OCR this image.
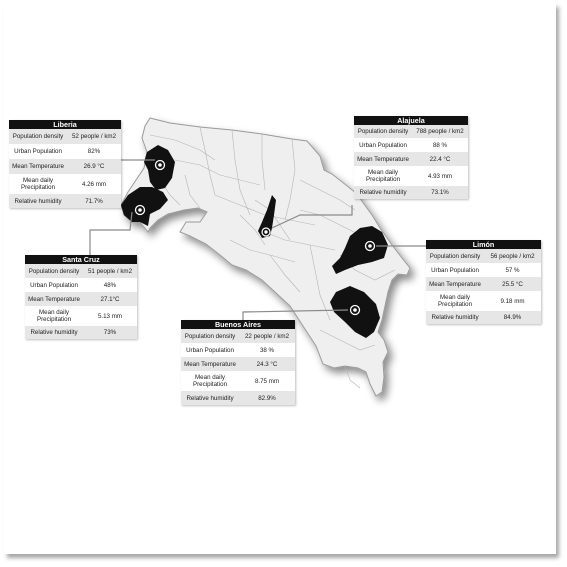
Liberia
Population density	52 people / km2
Urban Population	82%
Mean Temperature	26.9 °C
Mean daily Precipitation	4.26 mm
Relative humidity	71.7%
Alajuela
Population density	788 people / km2
Urban Population	88 %
Mean Temperature	22.4 °C
Mean daily Precipitation	4.93 mm
Relative humidity	73.1%
Santa Cruz
Population density	51 people / km2
Urban Population	48%
Mean Temperature	27.1°C
Mean daily Precipitation	5.13 mm
Relative humidity	73%
Limón
Population density	56 people / km2
Urban Population	57 %
Mean Temperature	25.5 °C
Mean daily Precipitation	9.18 mm
Relative humidity	84.9%
Buenos Aires
Population density	22 people / km2
Urban Population	38 %
Mean Temperature	24.3 °C
Mean daily Precipitation	8.75 mm
Relative humidity	82.9%
